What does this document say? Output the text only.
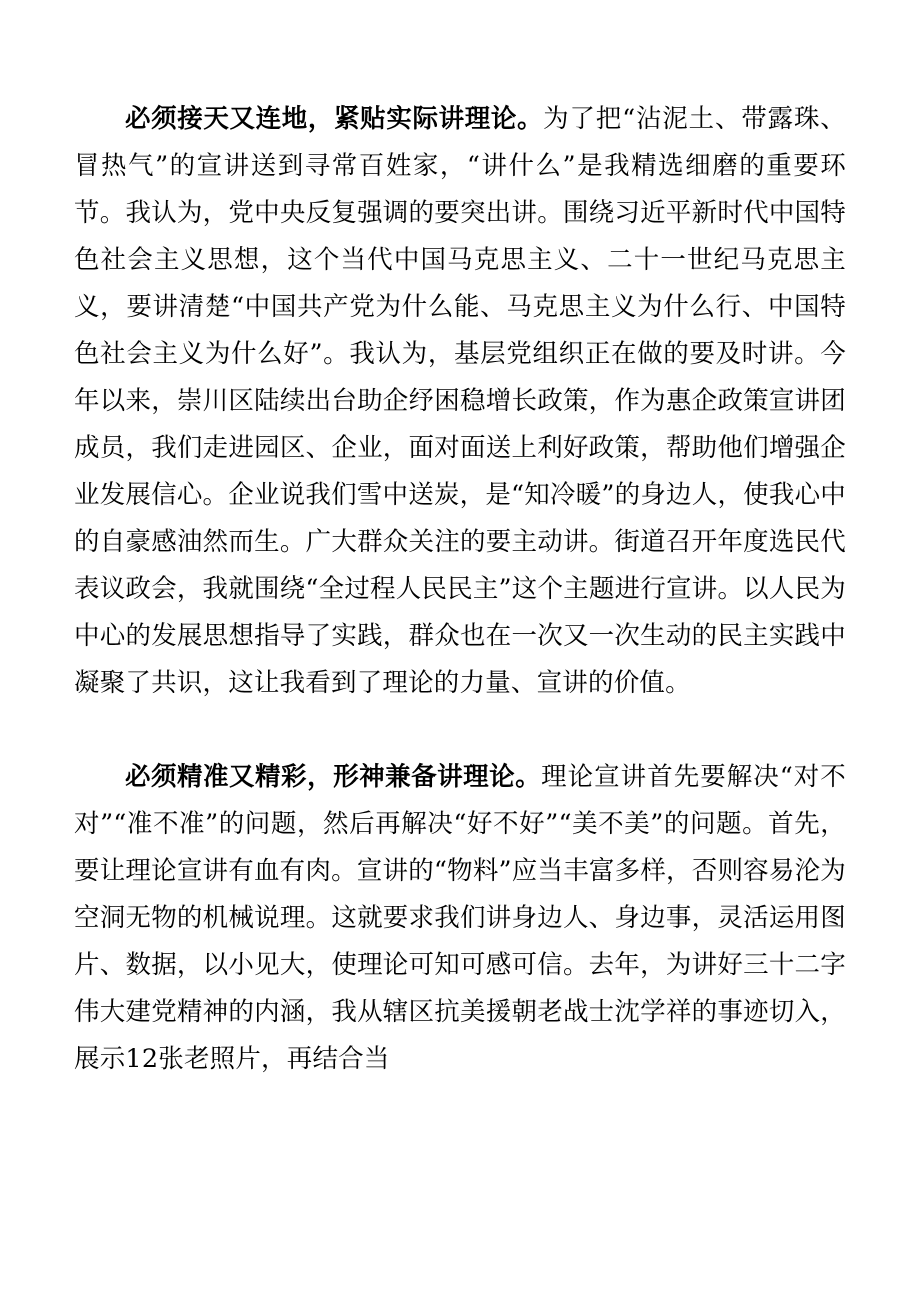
必须接天又连地，紧贴实际讲理论。为了把“沾泥土、带露珠、冒热气”的宣讲送到寻常百姓家，“讲什么”是我精选细磨的重要环节。我认为，党中央反复强调的要突出讲。围绕习近平新时代中国特色社会主义思想，这个当代中国马克思主义、二十一世纪马克思主义，要讲清楚“中国共产党为什么能、马克思主义为什么行、中国特色社会主义为什么好”。我认为，基层党组织正在做的要及时讲。今年以来，崇川区陆续出台助企纾困稳增长政策，作为惠企政策宣讲团成员，我们走进园区、企业，面对面送上利好政策，帮助他们增强企业发展信心。企业说我们雪中送炭，是“知冷暖”的身边人，使我心中的自豪感油然而生。广大群众关注的要主动讲。街道召开年度选民代表议政会，我就围绕“全过程人民民主”这个主题进行宣讲。以人民为中心的发展思想指导了实践，群众也在一次又一次生动的民主实践中凝聚了共识，这让我看到了理论的力量、宣讲的价值。

必须精准又精彩，形神兼备讲理论。理论宣讲首先要解决“对不对”“准不准”的问题，然后再解决“好不好”“美不美”的问题。首先，要让理论宣讲有血有肉。宣讲的“物料”应当丰富多样，否则容易沦为空洞无物的机械说理。这就要求我们讲身边人、身边事，灵活运用图片、数据，以小见大，使理论可知可感可信。去年，为讲好三十二字伟大建党精神的内涵，我从辖区抗美援朝老战士沈学祥的事迹切入，展示12张老照片，再结合当
